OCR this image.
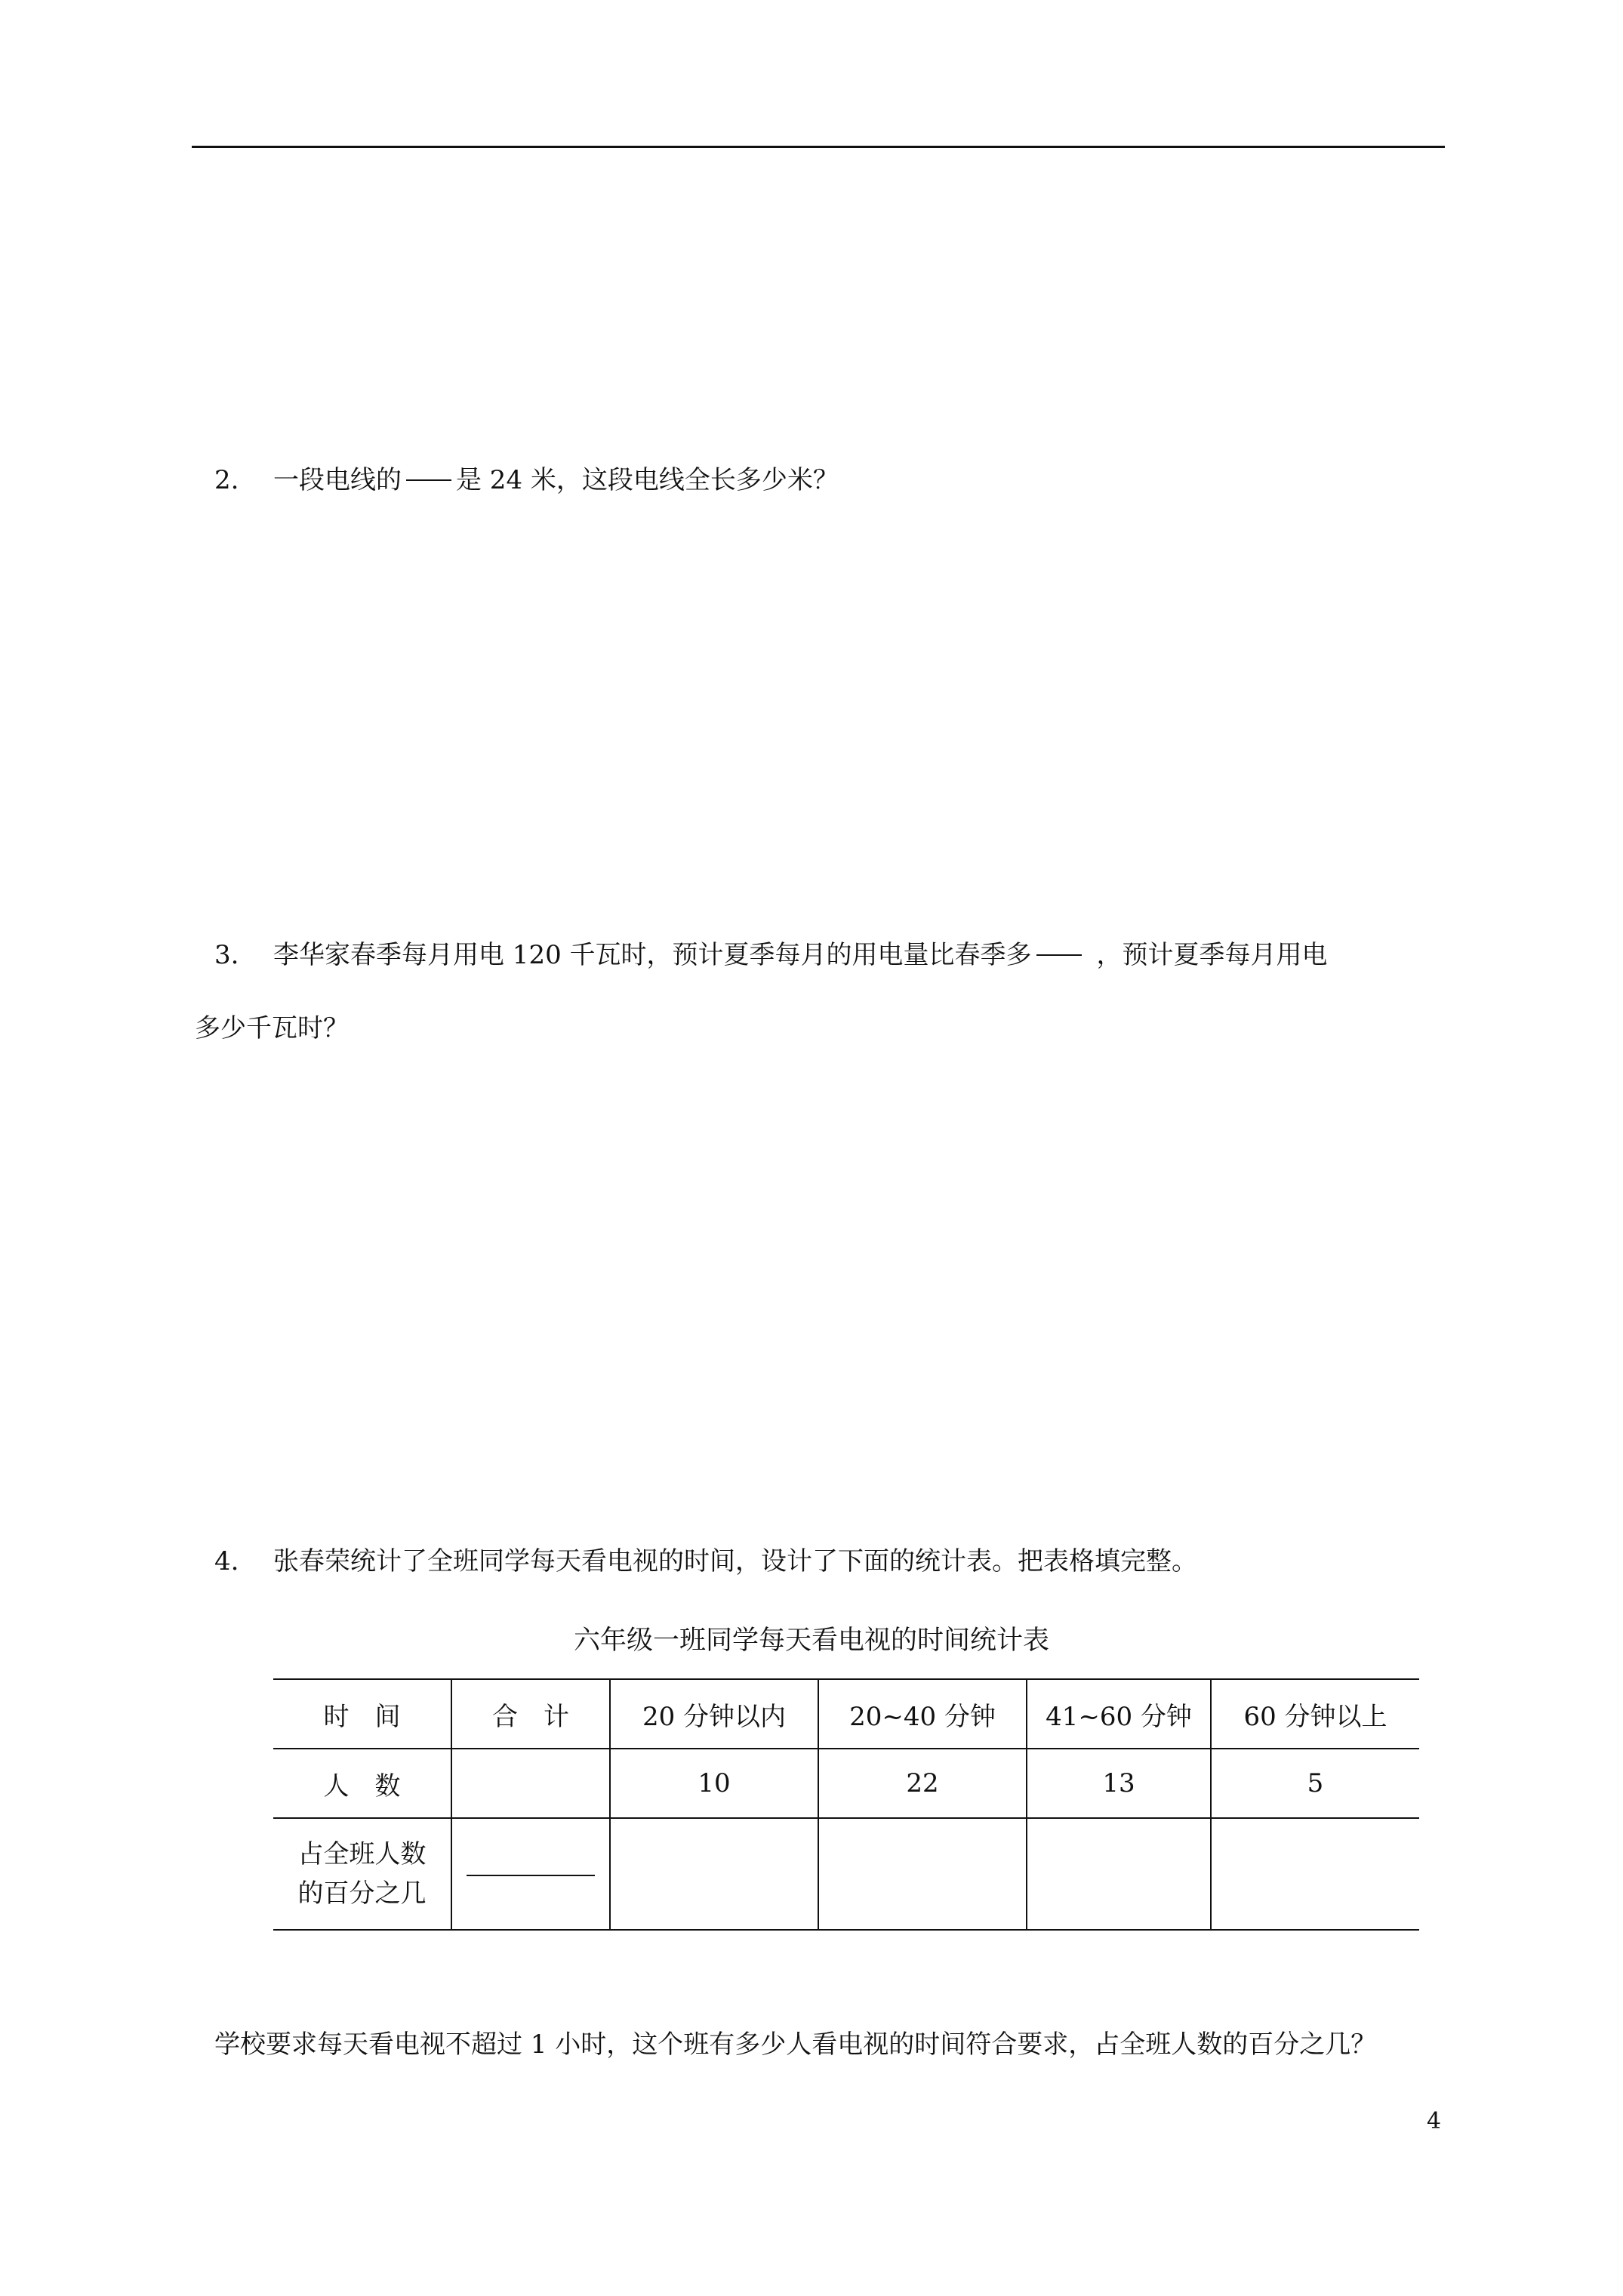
2. 一段电线的 是 24 米，这段电线全长多少米？
3. 李华家春季每月用电 120 千瓦时，预计夏季每月的用电量比春季多	，预计夏季每月用电
多少千瓦时？
4. 张春荣统计了全班同学每天看电视的时间，设计了下面的统计表。把表格填完整。
六年级一班同学每天看电视的时间统计表
时　间	合　计	20 分钟以内	20~40 分钟	41~60 分钟	60 分钟以上
人　数		10	22	13	5

占全班人数
的百分之几					

学校要求每天看电视不超过 1 小时，这个班有多少人看电视的时间符合要求，占全班人数的百分之几？
4
